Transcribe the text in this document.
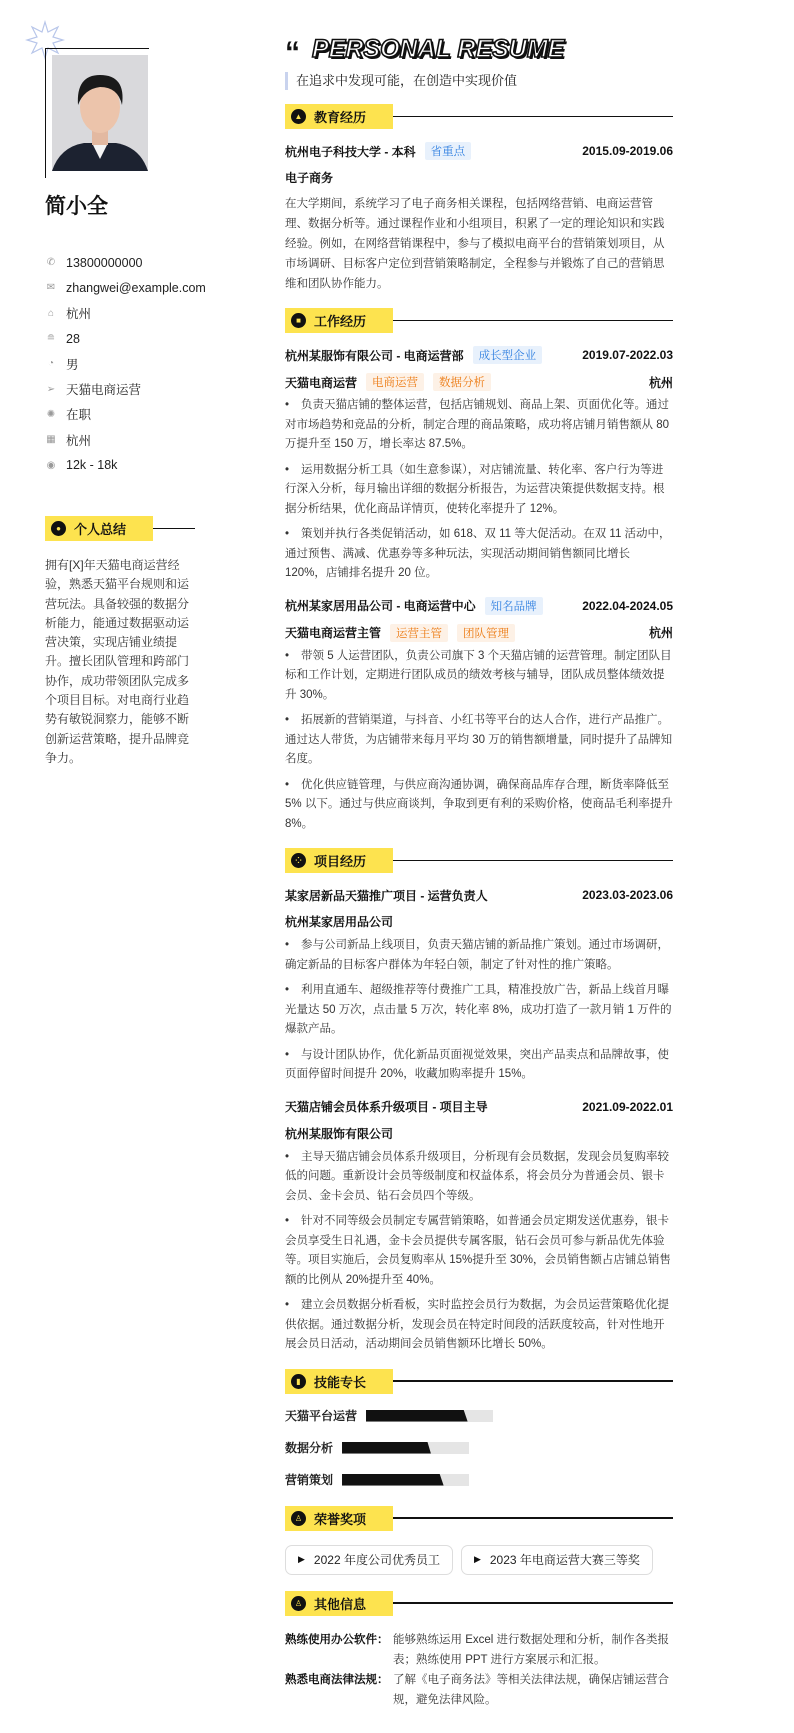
简小全
✆ 13800000000
✉ zhangwei@example.com
⌂ 杭州
≘ 28
◔ 男
➢ 天猫电商运营
✺ 在职
▦ 杭州
◉ 12k - 18k
●	个人总结
拥有[X]年天猫电商运营经验，熟悉天猫平台规则和运营玩法。具备较强的数据分析能力，能通过数据驱动运营决策，实现店铺业绩提升。擅长团队管理和跨部门协作，成功带领团队完成多个项目目标。对电商行业趋势有敏锐洞察力，能够不断创新运营策略，提升品牌竞争力。
“ PERSONAL RESUME
在追求中发现可能，在创造中实现价值
▲ 教育经历
杭州电子科技大学 - 本科	省重点	2015.09-2019.06
电子商务
在大学期间，系统学习了电子商务相关课程，包括网络营销、电商运营管理、数据分析等。通过课程作业和小组项目，积累了一定的理论知识和实践经验。例如，在网络营销课程中，参与了模拟电商平台的营销策划项目，从市场调研、目标客户定位到营销策略制定，全程参与并锻炼了自己的营销思维和团队协作能力。
■	工作经历
杭州某服饰有限公司 - 电商运营部	成长型企业	2019.07-2022.03
天猫电商运营	电商运营	数据分析	杭州
• 负责天猫店铺的整体运营，包括店铺规划、商品上架、页面优化等。通过对市场趋势和竞品的分析，制定合理的商品策略，成功将店铺月销售额从 80 万提升至 150 万，增长率达 87.5%。
• 运用数据分析工具（如生意参谋），对店铺流量、转化率、客户行为等进行深入分析，每月输出详细的数据分析报告，为运营决策提供数据支持。根据分析结果，优化商品详情页，使转化率提升了 12%。
• 策划并执行各类促销活动，如 618、双 11 等大促活动。在双 11 活动中，通过预售、满减、优惠券等多种玩法，实现活动期间销售额同比增长 120%，店铺排名提升 20 位。
杭州某家居用品公司 - 电商运营中心	知名品牌	2022.04-2024.05
天猫电商运营主管	运营主管	团队管理	杭州
• 带领 5 人运营团队，负责公司旗下 3 个天猫店铺的运营管理。制定团队目标和工作计划，定期进行团队成员的绩效考核与辅导，团队成员整体绩效提升 30%。
• 拓展新的营销渠道，与抖音、小红书等平台的达人合作，进行产品推广。通过达人带货，为店铺带来每月平均 30 万的销售额增量，同时提升了品牌知名度。
• 优化供应链管理，与供应商沟通协调，确保商品库存合理，断货率降低至 5% 以下。通过与供应商谈判，争取到更有利的采购价格，使商品毛利率提升 8%。
⁘ 项目经历
某家居新品天猫推广项目 - 运营负责人	2023.03-2023.06
杭州某家居用品公司
• 参与公司新品上线项目，负责天猫店铺的新品推广策划。通过市场调研，确定新品的目标客户群体为年轻白领，制定了针对性的推广策略。
• 利用直通车、超级推荐等付费推广工具，精准投放广告，新品上线首月曝光量达 50 万次，点击量 5 万次，转化率 8%，成功打造了一款月销 1 万件的爆款产品。
• 与设计团队协作，优化新品页面视觉效果，突出产品卖点和品牌故事，使页面停留时间提升 20%，收藏加购率提升 15%。
天猫店铺会员体系升级项目 - 项目主导	2021.09-2022.01
杭州某服饰有限公司
• 主导天猫店铺会员体系升级项目，分析现有会员数据，发现会员复购率较低的问题。重新设计会员等级制度和权益体系，将会员分为普通会员、银卡会员、金卡会员、钻石会员四个等级。
• 针对不同等级会员制定专属营销策略，如普通会员定期发送优惠券，银卡会员享受生日礼遇，金卡会员提供专属客服，钻石会员可参与新品优先体验等。项目实施后，会员复购率从 15%提升至 30%，会员销售额占店铺总销售额的比例从 20%提升至 40%。
• 建立会员数据分析看板，实时监控会员行为数据，为会员运营策略优化提供依据。通过数据分析，发现会员在特定时间段的活跃度较高，针对性地开展会员日活动，活动期间会员销售额环比增长 50%。
▮	技能专长
天猫平台运营
数据分析
营销策划
♙ 荣誉奖项
▶ 2022 年度公司优秀员工	▶ 2023 年电商运营大赛三等奖
♙ 其他信息
熟练使用办公软件： 能够熟练运用 Excel 进行数据处理和分析，制作各类报表；熟练使用 PPT 进行方案展示和汇报。
熟悉电商法律法规： 了解《电子商务法》等相关法律法规，确保店铺运营合规，避免法律风险。
